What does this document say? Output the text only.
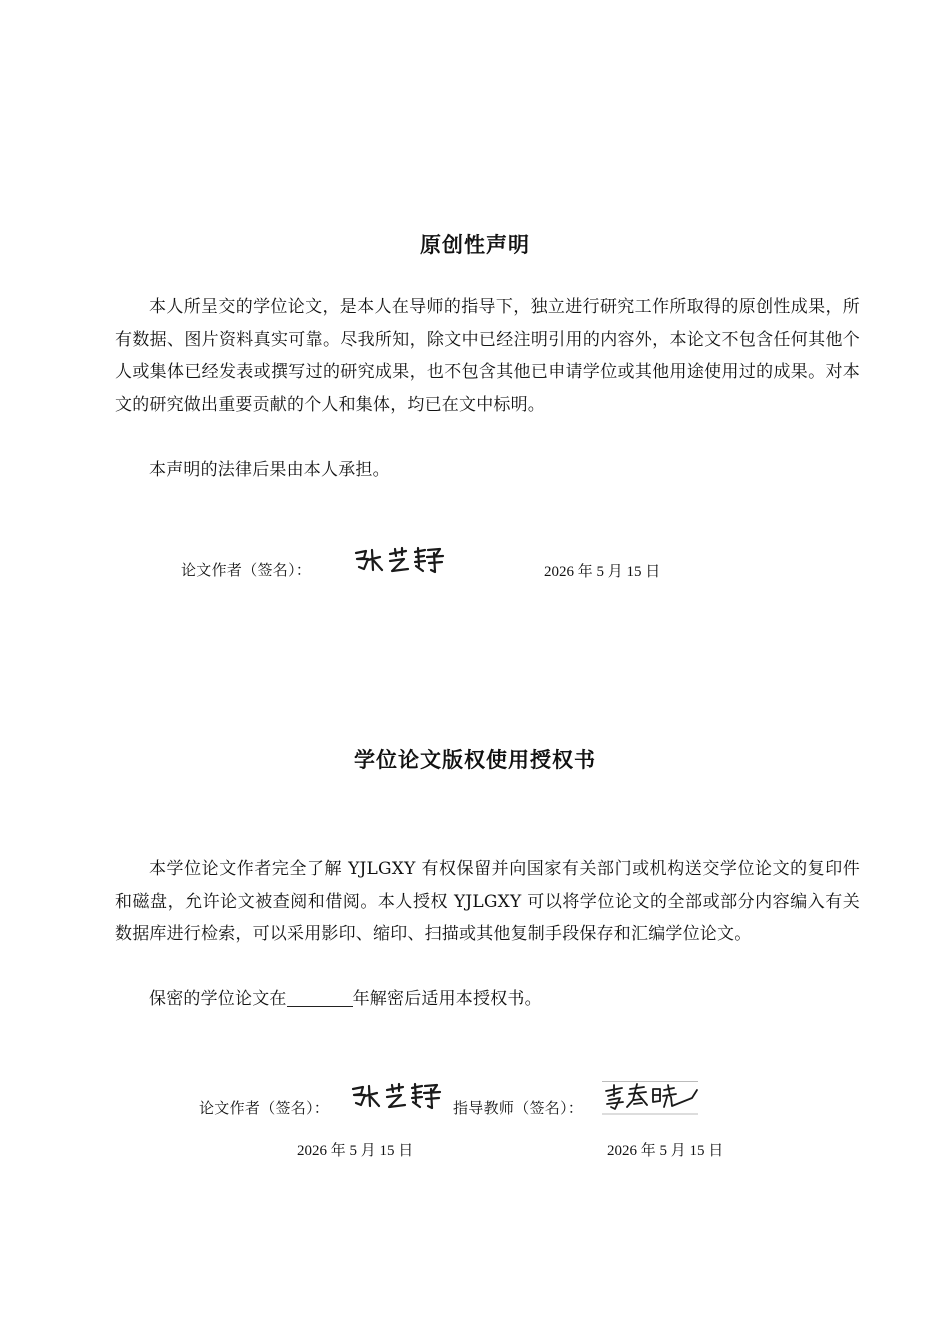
原创性声明

本人所呈交的学位论文，是本人在导师的指导下，独立进行研究工作所取得的原创性成果，所有数据、图片资料真实可靠。尽我所知，除文中已经注明引用的内容外，本论文不包含任何其他个人或集体已经发表或撰写过的研究成果，也不包含其他已申请学位或其他用途使用过的成果。对本文的研究做出重要贡献的个人和集体，均已在文中标明。

本声明的法律后果由本人承担。

论文作者（签名）：	2026 年 5 月 15 日
学位论文版权使用授权书

本学位论文作者完全了解 YJLGXY 有权保留并向国家有关部门或机构送交学位论文的复印件和磁盘，允许论文被查阅和借阅。本人授权 YJLGXY 可以将学位论文的全部或部分内容编入有关数据库进行检索，可以采用影印、缩印、扫描或其他复制手段保存和汇编学位论文。

保密的学位论文在	年解密后适用本授权书。

论文作者（签名）：	指导教师（签名）：
2026 年 5 月 15 日	2026 年 5 月 15 日
